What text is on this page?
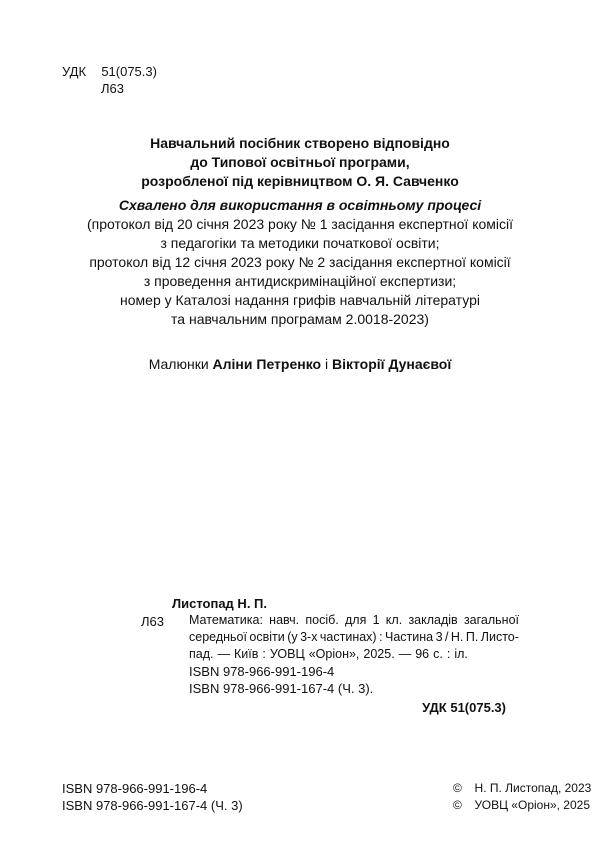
УДК 51(075.3)
Л63
Навчальний посібник створено відповідно
до Типової освітньої програми,
розробленої під керівництвом О. Я. Савченко
Схвалено для використання в освітньому процесі
(протокол від 20 січня 2023 року № 1 засідання експертної комісії
з педагогіки та методики початкової освіти;
протокол від 12 січня 2023 року № 2 засідання експертної комісії
з проведення антидискримінаційної експертизи;
номер у Каталозі надання грифів навчальній літературі
та навчальним програмам 2.0018-2023)
Малюнки Аліни Петренко і Вікторії Дунаєвої
Листопад Н. П.
Л63 Математика: навч. посіб. для 1 кл. закладів загальної
середньої освіти (у 3-х частинах) : Частина 3 / Н. П. Листо-
пад. — Київ : УОВЦ «Оріон», 2025. — 96 с. : іл.
ISBN 978-966-991-196-4
ISBN 978-966-991-167-4 (Ч. 3).
УДК 51(075.3)
ISBN 978-966-991-196-4
ISBN 978-966-991-167-4 (Ч. 3)
© Н. П. Листопад, 2023
© УОВЦ «Оріон», 2025
